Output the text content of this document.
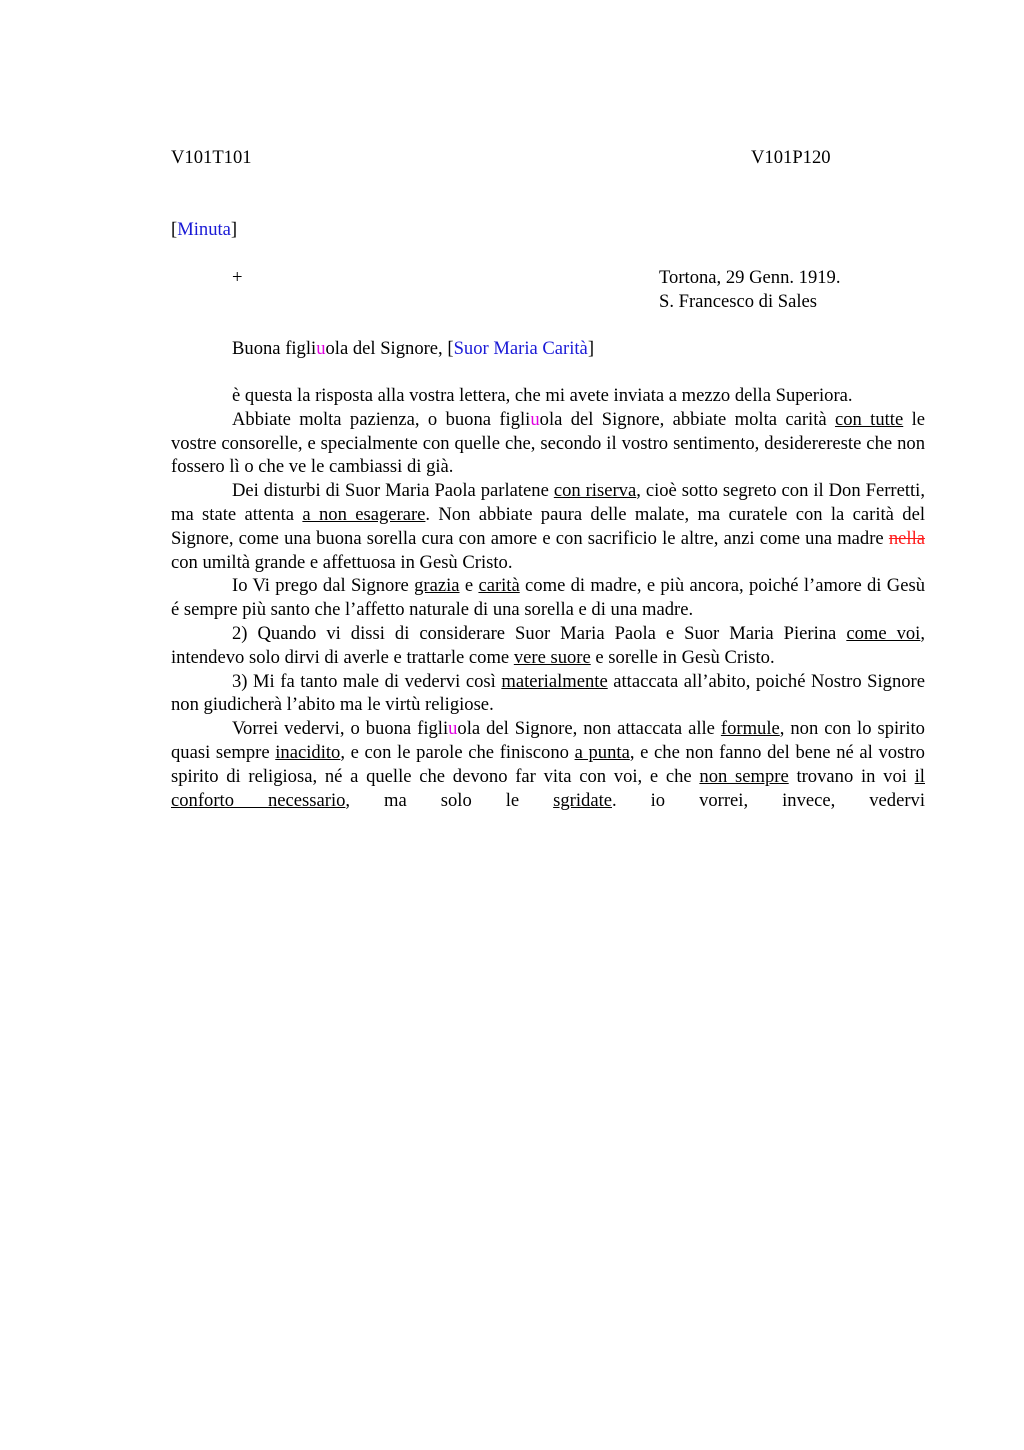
V101T101	V101P120
[Minuta]
+	Tortona, 29 Genn. 1919.
S. Francesco di Sales
Buona figliuola del Signore, [Suor Maria Carità]

è questa la risposta alla vostra lettera, che mi avete inviata a mezzo della Superiora.

Abbiate molta pazienza, o buona figliuola del Signore, abbiate molta carità con tutte le vostre consorelle, e specialmente con quelle che, secondo il vostro sentimento, desiderereste che non fossero lì o che ve le cambiassi di già.

Dei disturbi di Suor Maria Paola parlatene con riserva, cioè sotto segreto con il Don Ferretti, ma state attenta a non esagerare. Non abbiate paura delle malate, ma curatele con la carità del Signore, come una buona sorella cura con amore e con sacrificio le altre, anzi come una madre nella con umiltà grande e affettuosa in Gesù Cristo.

Io Vi prego dal Signore grazia e carità come di madre, e più ancora, poiché l’amore di Gesù é sempre più santo che l’affetto naturale di una sorella e di una madre.

2) Quando vi dissi di considerare Suor Maria Paola e Suor Maria Pierina come voi, intendevo solo dirvi di averle e trattarle come vere suore e sorelle in Gesù Cristo.

3) Mi fa tanto male di vedervi così materialmente attaccata all’abito, poiché Nostro Signore non giudicherà l’abito ma le virtù religiose.

Vorrei vedervi, o buona figliuola del Signore, non attaccata alle formule, non con lo spirito quasi sempre inacidito, e con le parole che finiscono a punta, e che non fanno del bene né al vostro spirito di religiosa, né a quelle che devono far vita con voi, e che non sempre trovano in voi il conforto necessario, ma solo le sgridate. io vorrei, invece, vedervi
